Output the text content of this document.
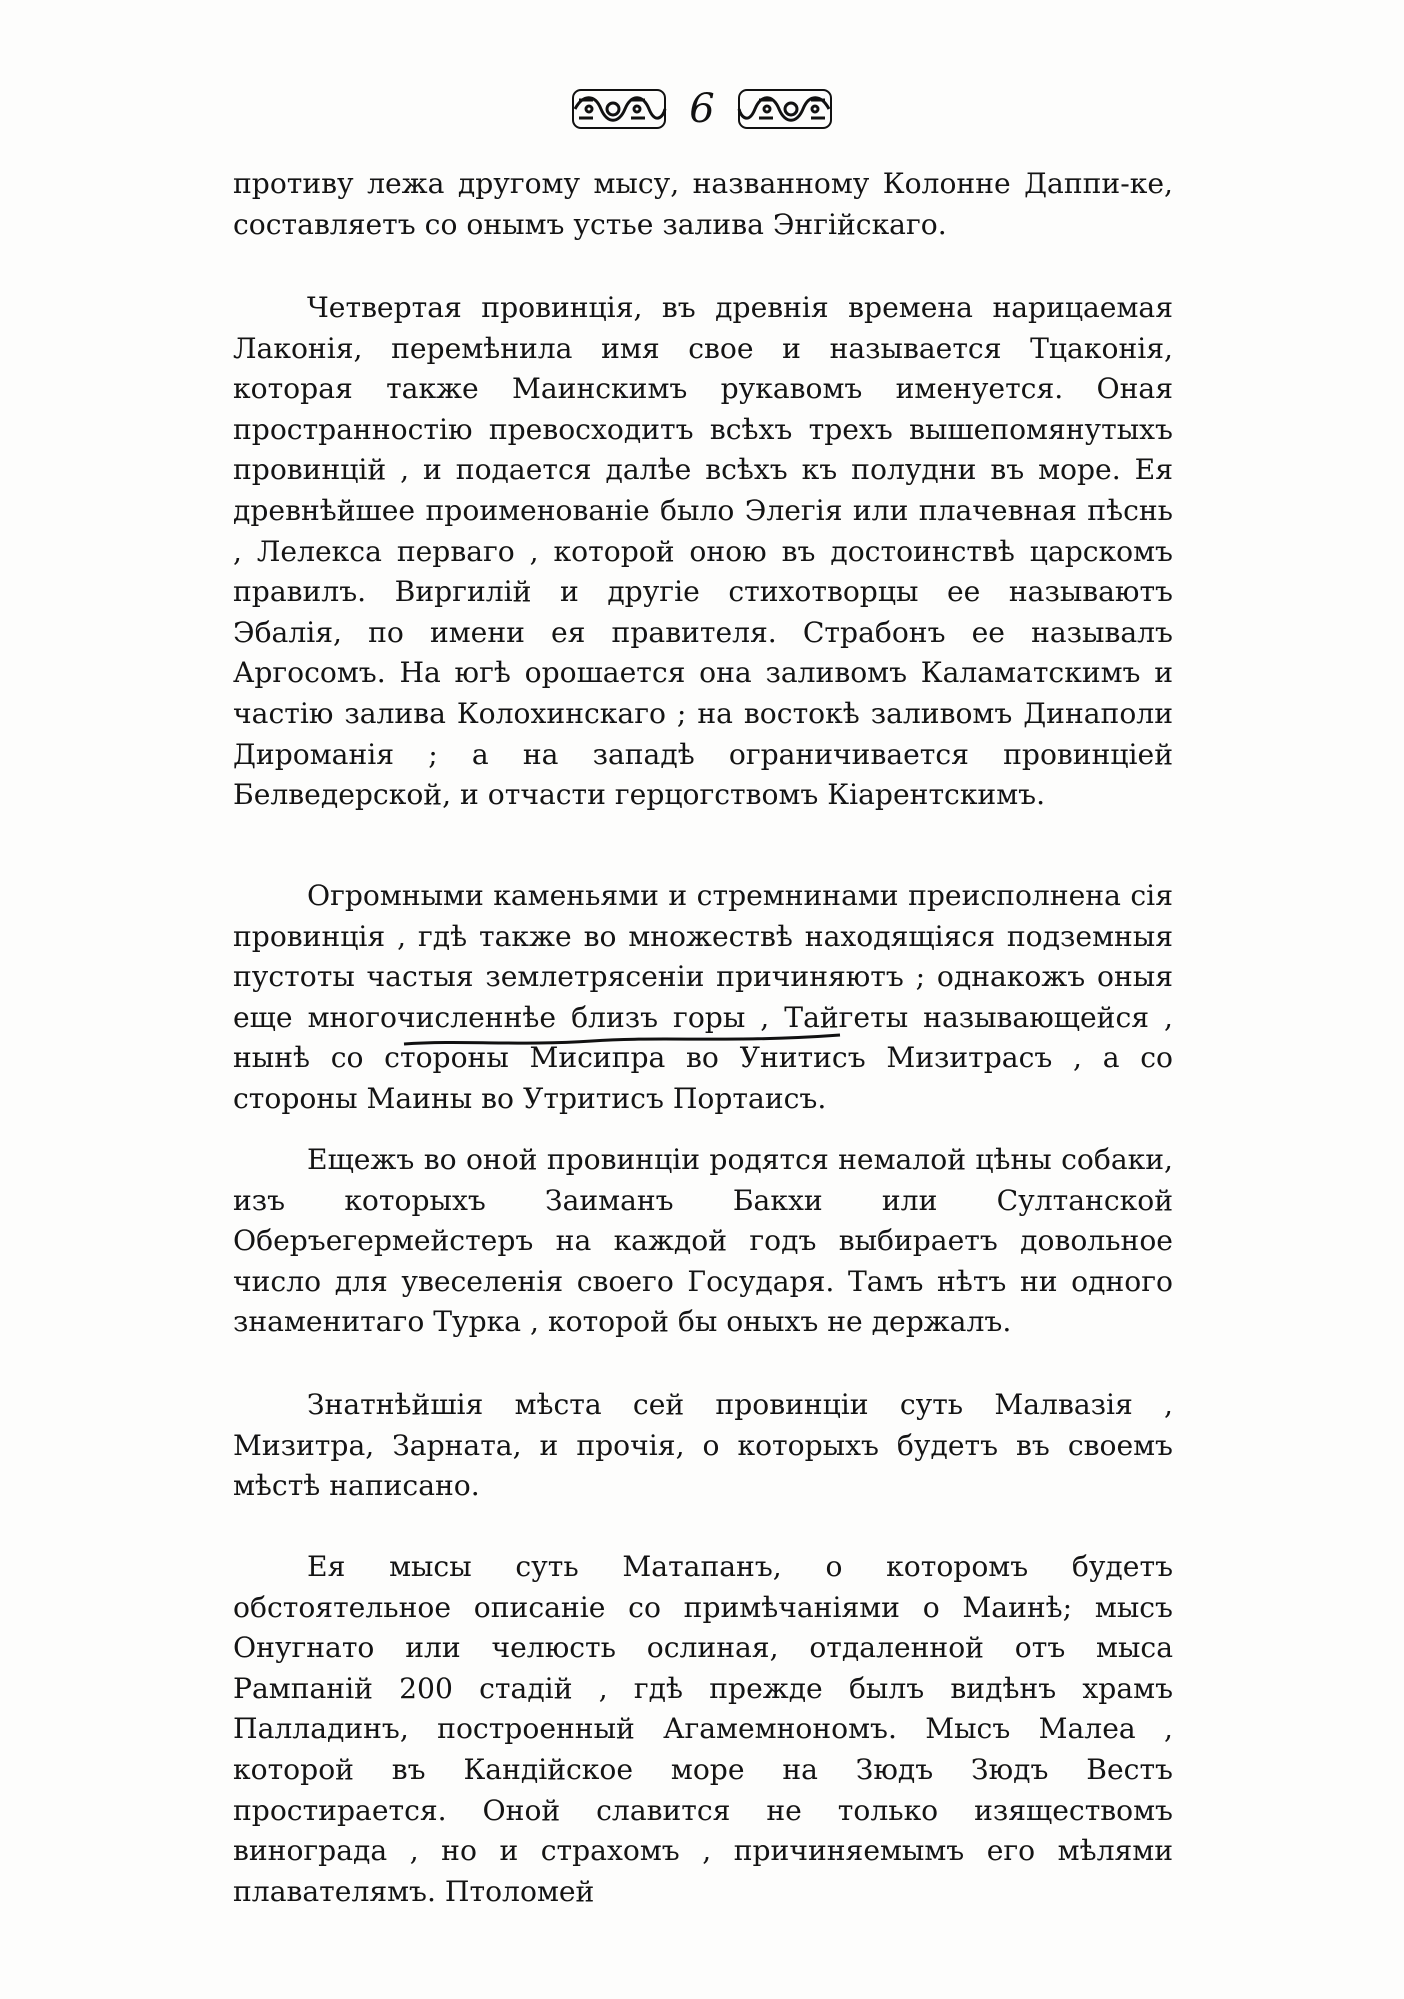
6

противу лежа другому мысу, названному Колонне Даппи-ке, составляетъ со онымъ устье залива Энгійскаго.

Четвертая провинція, въ древнія времена нарицаемая Лаконія, перемѣнила имя свое и называется Тцаконія, которая также Маинскимъ рукавомъ именуется. Оная пространностію превосходитъ всѣхъ трехъ вышепомянутыхъ провинцій , и подается далѣе всѣхъ къ полудни въ море. Ея древнѣйшее проименованіе было Элегія или плачевная пѣснь , Лелекса перваго , которой оною въ достоинствѣ царскомъ правилъ. Виргилій и другіе стихотворцы ее называютъ Эбалія, по имени ея правителя. Страбонъ ее называлъ Аргосомъ. На югѣ орошается она заливомъ Каламатскимъ и частію залива Колохинскаго ; на востокѣ заливомъ Динаполи Дироманія ; а на западѣ ограничивается провинціей Белведерской, и отчасти герцогствомъ Кіарентскимъ.

Огромными каменьями и стремнинами преисполнена сія провинція , гдѣ также во множествѣ находящіяся подземныя пустоты частыя землетрясеніи причиняютъ ; однакожъ оныя еще многочисленнѣе близъ горы , Тайгеты называющейся , нынѣ со стороны Мисипра во Унитисъ Мизитрасъ , а со стороны Маины во Утритисъ Портаисъ.

Ещежъ во оной провинціи родятся немалой цѣны собаки, изъ которыхъ Заиманъ Бакхи или Султанской Оберъегермейстеръ на каждой годъ выбираетъ довольное число для увеселенія своего Государя. Тамъ нѣтъ ни одного знаменитаго Турка , которой бы оныхъ не держалъ.

Знатнѣйшія мѣста сей провинціи суть Малвазія , Мизитра, Зарната, и прочія, о которыхъ будетъ въ своемъ мѣстѣ написано.

Ея мысы суть Матапанъ, о которомъ будетъ обстоятельное описаніе со примѣчаніями о Маинѣ; мысъ Онугнато или челюсть ослиная, отдаленной отъ мыса Рампаній 200 стадій , гдѣ прежде былъ видѣнъ храмъ Палладинъ, построенный Агамемнономъ. Мысъ Малеа , которой въ Кандійское море на Зюдъ Зюдъ Вестъ простирается. Оной славится не только изяществомъ винограда , но и страхомъ , причиняемымъ его мѣлями плавателямъ. Птоломей
